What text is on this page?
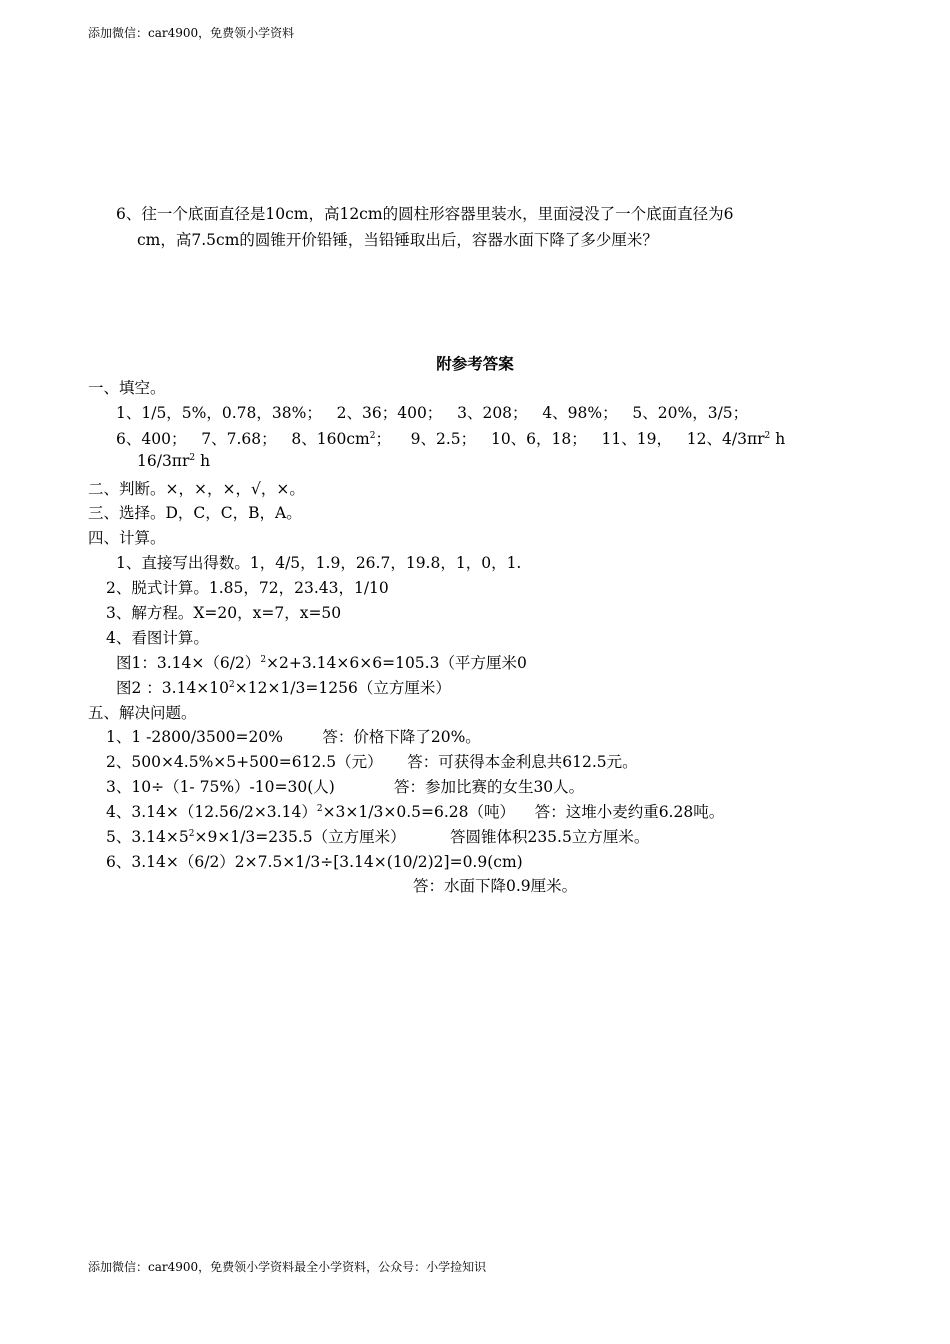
添加微信：car4900，免费领小学资料
6、往一个底面直径是10cm，高12cm的圆柱形容器里装水，里面浸没了一个底面直径为6
cm，高7.5cm的圆锥开价铅锤，当铅锤取出后，容器水面下降了多少厘米？
附参考答案
一、填空。
1、1/5，5%，0.78，38%；   2、36；400；   3、208；   4、98%；   5、20%，3/5；
6、400；   7、7.68；   8、$160cm^2$；    9、2.5；   10、6，18；   11、19，   12、$4/3\pi r^2$ h
$16/3\pi r^2$ h
二、判断。×，×，×，√，×。
三、选择。D，C，C，B，A。
四、计算。
1、直接写出得数。1，4/5，1.9，26.7，19.8，1，0，1.
2、脱式计算。1.85，72，23.43，1/10
3、解方程。X=20，x=7，x=50
4、看图计算。
图1：$3.14\times(6/2)^2\times 2+3.14\times 6\times 6=105.3$（平方厘米0
图2 ：$3.14\times 10^2\times 12\times 1/3=1256$（立方厘米）
五、解决问题。
1、1 -2800/3500=20%        答：价格下降了20%。
2、500×4.5%×5+500=612.5（元）     答：可获得本金利息共612.5元。
3、10÷（1- 75%）-10=30(人)            答：参加比赛的女生30人。
4、$3.14\times(12.56/2\times 3.14)^2\times 3\times 1/3\times 0.5=6.28$（吨）    答：这堆小麦约重6.28吨。
5、$3.14\times 5^2\times 9\times 1/3=235.5$（立方厘米）         答圆锥体积235.5立方厘米。
6、3.14×（6/2）2×7.5×1/3÷[3.14×(10/2)2]=0.9(cm)
答：水面下降0.9厘米。
添加微信：car4900，免费领小学资料最全小学资料，公众号：小学捡知识
